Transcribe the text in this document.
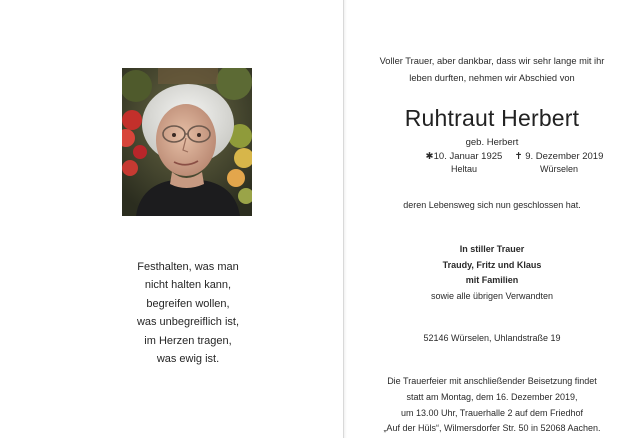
Festhalten, was man
nicht halten kann,
begreifen wollen,
was unbegreiflich ist,
im Herzen tragen,
was ewig ist.
Voller Trauer, aber dankbar, dass wir sehr lange mit ihr
leben durften, nehmen wir Abschied von
Ruhtraut Herbert
geb. Herbert
✱10. Januar 1925
Heltau
✝ 9. Dezember 2019
Würselen
deren Lebensweg sich nun geschlossen hat.
In stiller Trauer
Traudy, Fritz und Klaus
mit Familien
sowie alle übrigen Verwandten
52146 Würselen, Uhlandstraße 19
Die Trauerfeier mit anschließender Beisetzung findet
statt am Montag, dem 16. Dezember 2019,
um 13.00 Uhr, Trauerhalle 2 auf dem Friedhof
„Auf der Hüls“, Wilmersdorfer Str. 50 in 52068 Aachen.
